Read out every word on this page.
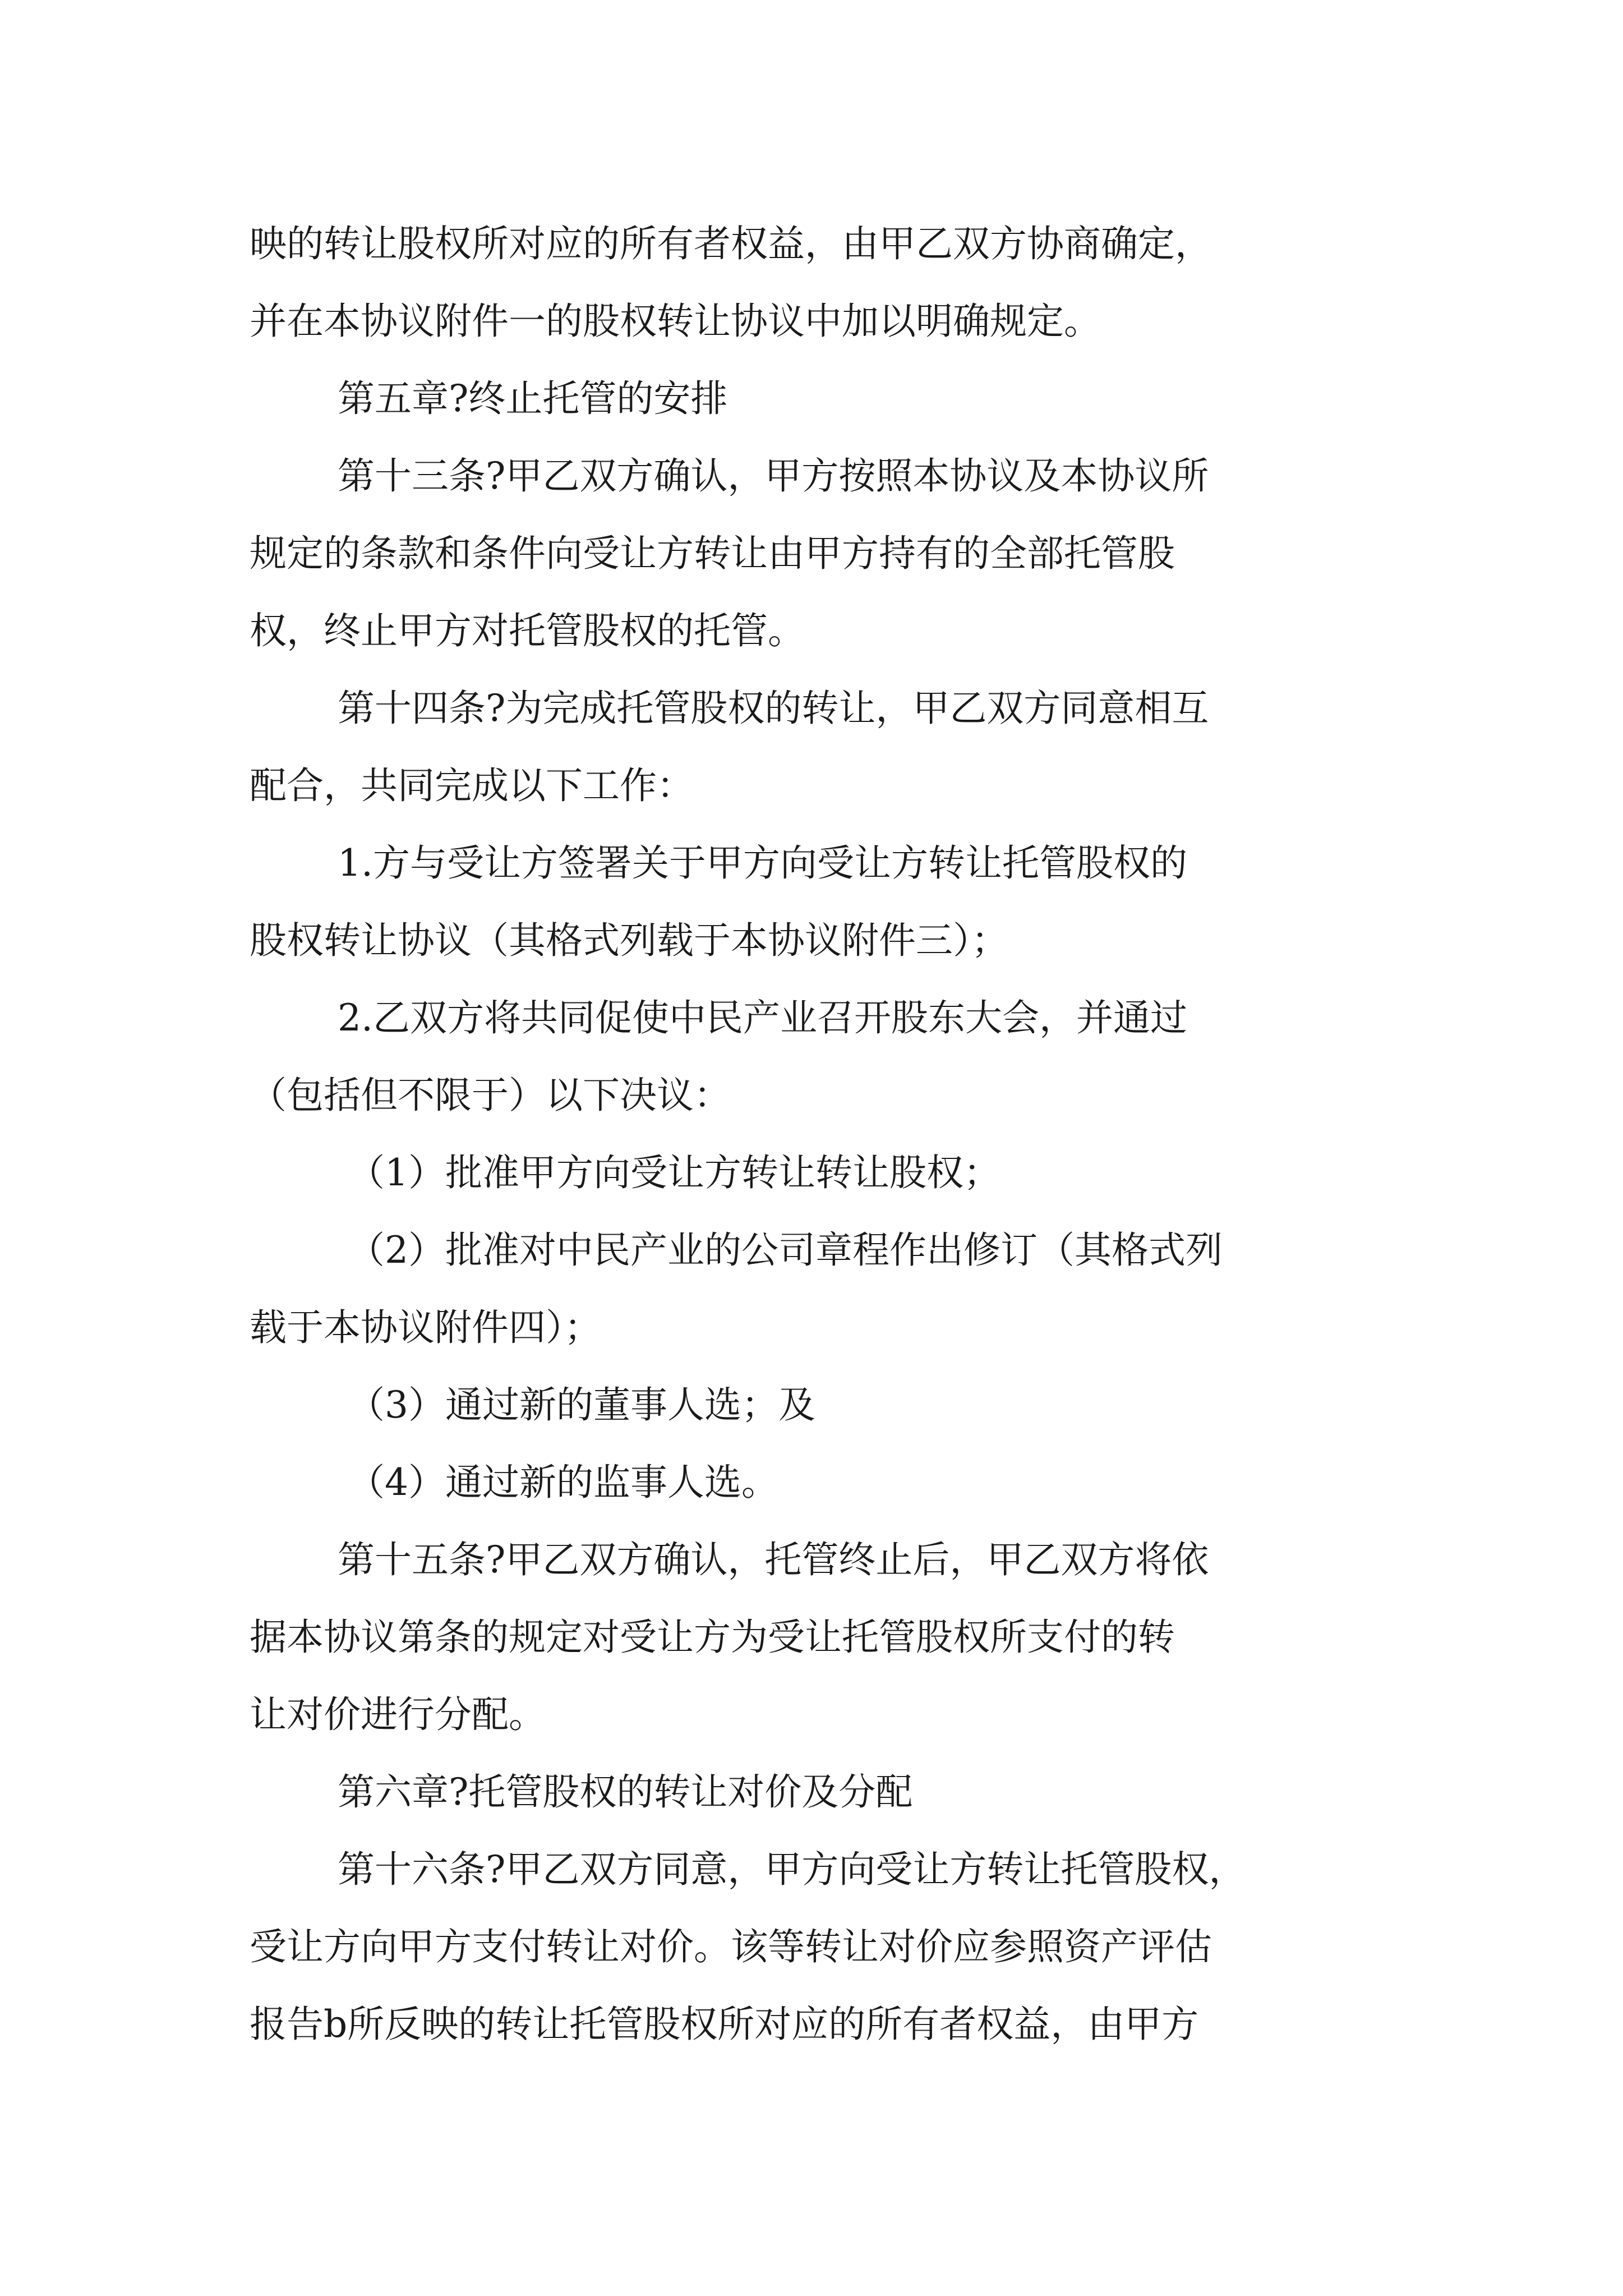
映的转让股权所对应的所有者权益，由甲乙双方协商确定，

并在本协议附件一的股权转让协议中加以明确规定。

第五章?终止托管的安排

第十三条?甲乙双方确认，甲方按照本协议及本协议所

规定的条款和条件向受让方转让由甲方持有的全部托管股

权，终止甲方对托管股权的托管。

第十四条?为完成托管股权的转让，甲乙双方同意相互

配合，共同完成以下工作：

1.方与受让方签署关于甲方向受让方转让托管股权的

股权转让协议（其格式列载于本协议附件三）；

2.乙双方将共同促使中民产业召开股东大会，并通过

（包括但不限于）以下决议：

（1）批准甲方向受让方转让转让股权；

（2）批准对中民产业的公司章程作出修订（其格式列

载于本协议附件四）；

（3）通过新的董事人选；及

（4）通过新的监事人选。

第十五条?甲乙双方确认，托管终止后，甲乙双方将依

据本协议第条的规定对受让方为受让托管股权所支付的转

让对价进行分配。

第六章?托管股权的转让对价及分配

第十六条?甲乙双方同意，甲方向受让方转让托管股权，

受让方向甲方支付转让对价。该等转让对价应参照资产评估

报告b所反映的转让托管股权所对应的所有者权益，由甲方
